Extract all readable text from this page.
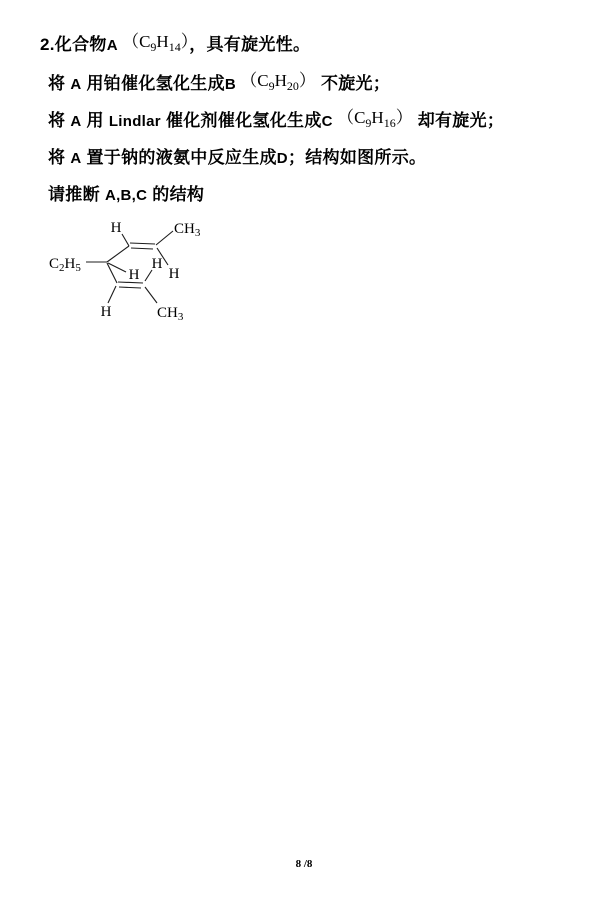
2.化合物A $(C_9H_{14})$，具有旋光性。
将 A 用铂催化氢化生成B $(C_9H_{20})$ 不旋光；
将 A 用 Lindlar 催化剂催化氢化生成C $(C_9H_{16})$ 却有旋光；
将 A 置于钠的液氨中反应生成D；结构如图所示。
请推断 A,B,C 的结构
$C_2H_5$
H	$CH_3$
H
H
H
H	$CH_3$
8 /8
